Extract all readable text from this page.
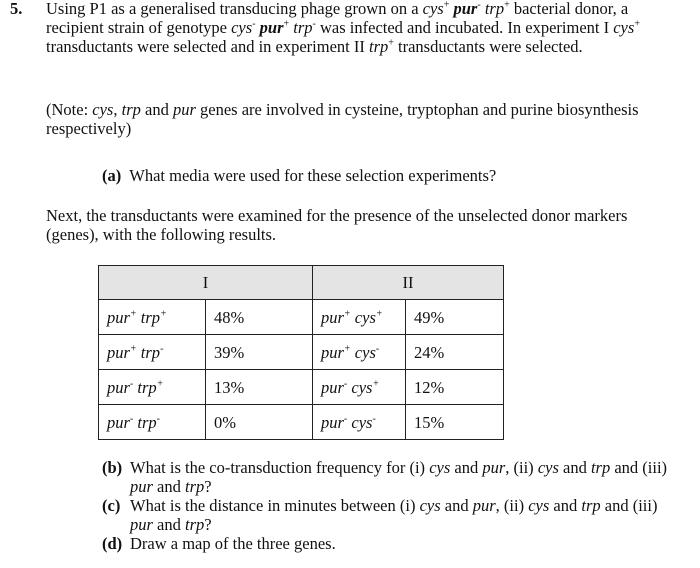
5. Using P1 as a generalised transducing phage grown on a cys+ pur- trp+ bacterial donor, a recipient strain of genotype cys- pur+ trp- was infected and incubated. In experiment I cys+ transductants were selected and in experiment II trp+ transductants were selected.
(Note: cys, trp and pur genes are involved in cysteine, tryptophan and purine biosynthesis respectively)
(a) What media were used for these selection experiments?
Next, the transductants were examined for the presence of the unselected donor markers (genes), with the following results.
I		II	
pur+ trp+	48%	pur+ cys+	49%
pur+ trp-	39%	pur+ cys-	24%
pur- trp+	13%	pur- cys+	12%
pur- trp-	0%	pur- cys-	15%
(b) What is the co-transduction frequency for (i) cys and pur, (ii) cys and trp and (iii) pur and trp?
(c) What is the distance in minutes between (i) cys and pur, (ii) cys and trp and (iii) pur and trp?
(d) Draw a map of the three genes.
